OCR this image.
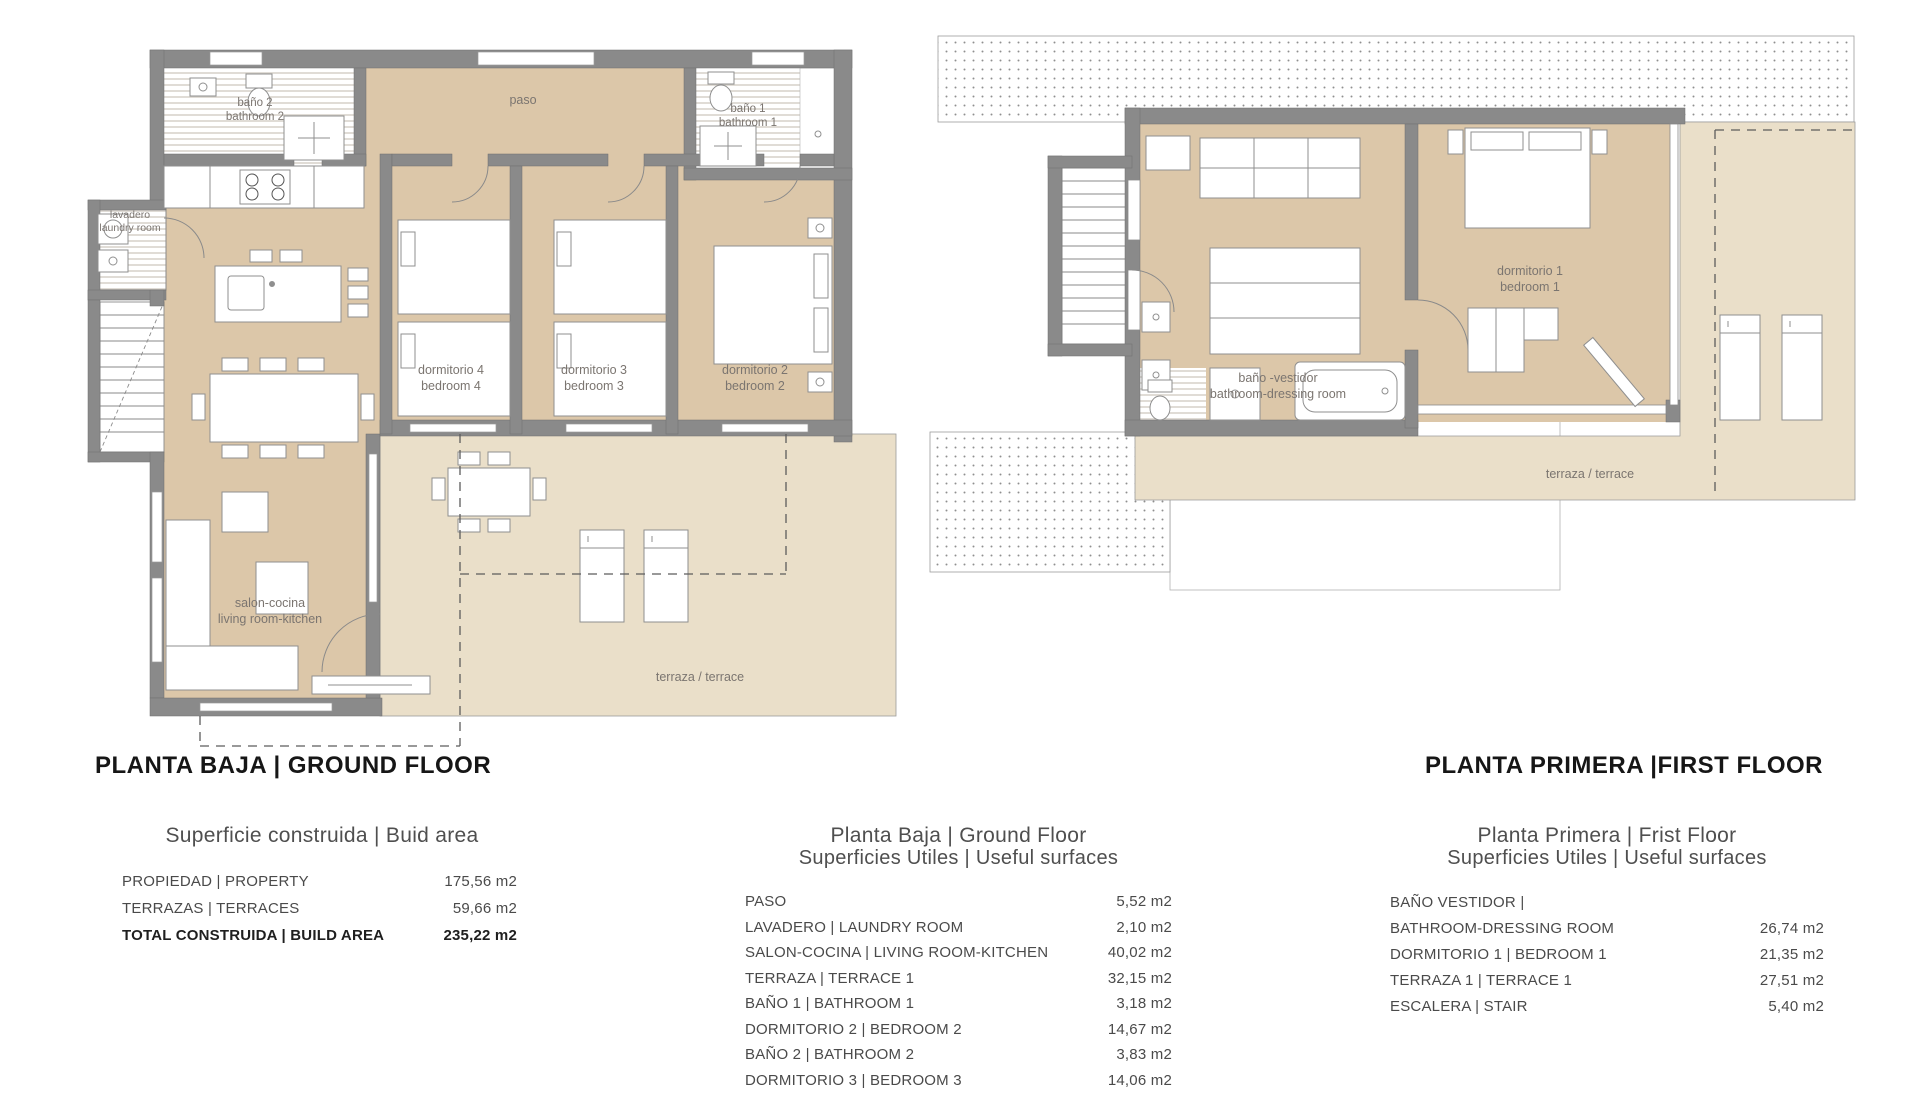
baño 2
bathroom 2
paso
baño 1
bathroom 1
lavadero
laundry room
dormitorio 4
bedroom 4
dormitorio 3
bedroom 3
dormitorio 2
bedroom 2
salon-cocina
living room-kitchen
terraza / terrace
dormitorio 1
bedroom 1
baño -vestidor
bathroom-dressing room
terraza / terrace
PLANTA BAJA | GROUND FLOOR	PLANTA PRIMERA |FIRST FLOOR
Superficie construida | Buid area
PROPIEDAD | PROPERTY	175,56 m2
TERRAZAS | TERRACES	59,66 m2
TOTAL CONSTRUIDA | BUILD AREA	235,22 m2
Planta Baja | Ground Floor
Superficies Utiles | Useful surfaces
PASO	5,52 m2
LAVADERO | LAUNDRY ROOM	2,10 m2
SALON-COCINA | LIVING ROOM-KITCHEN	40,02 m2
TERRAZA | TERRACE 1	32,15 m2
BAÑO 1 | BATHROOM 1	3,18 m2
DORMITORIO 2 | BEDROOM 2	14,67 m2
BAÑO 2 | BATHROOM 2	3,83 m2
DORMITORIO 3 | BEDROOM 3	14,06 m2
Planta Primera | Frist Floor
Superficies Utiles | Useful surfaces
BAÑO VESTIDOR |
BATHROOM-DRESSING ROOM	26,74 m2
DORMITORIO 1 | BEDROOM 1	21,35 m2
TERRAZA 1 | TERRACE 1	27,51 m2
ESCALERA | STAIR	5,40 m2
